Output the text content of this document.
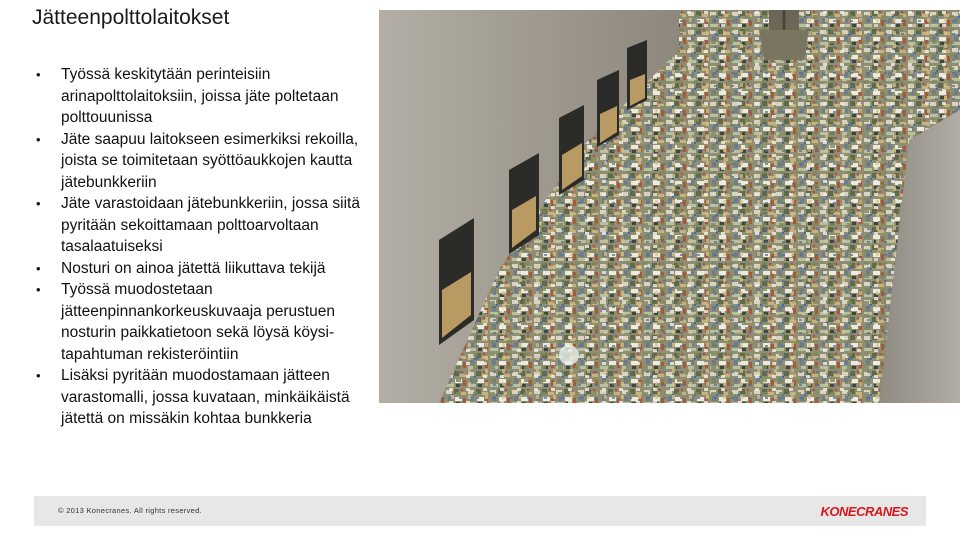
Jätteenpolttolaitokset
• Työssä keskitytään perinteisiin arinapolttolaitoksiin, joissa jäte poltetaan polttouunissa
• Jäte saapuu laitokseen esimerkiksi rekoilla, joista se toimitetaan syöttöaukkojen kautta jätebunkkeriin
• Jäte varastoidaan jätebunkkeriin, jossa siitä pyritään sekoittamaan polttoarvoltaan tasalaatuiseksi
• Nosturi on ainoa jätettä liikuttava tekijä
• Työssä muodostetaan jätteenpinnankorkeuskuvaaja perustuen nosturin paikkatietoon sekä löysä köysi-tapahtuman rekisteröintiin
• Lisäksi pyritään muodostamaan jätteen varastomalli, jossa kuvataan, minkäikäistä jätettä on missäkin kohtaa bunkkeria
© 2013 Konecranes. All rights reserved.	KONECRANES
